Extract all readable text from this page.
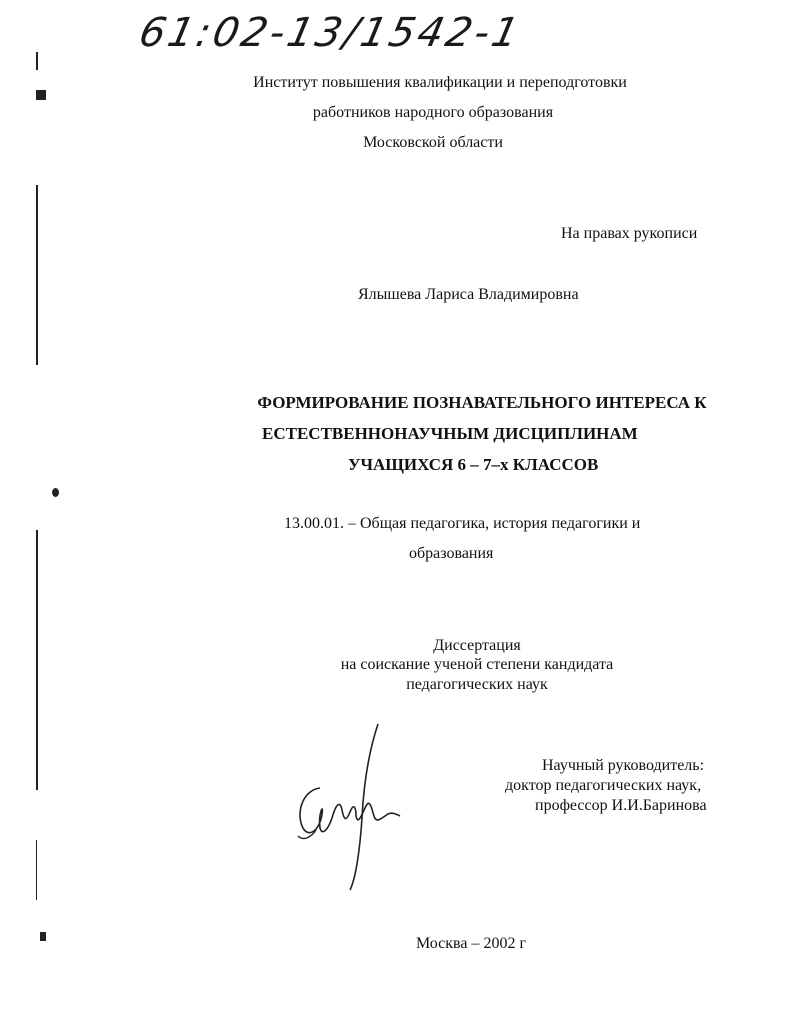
61:02-13/1542-1
Институт повышения квалификации и переподготовки
работников народного образования
Московской области
На правах рукописи
Ялышева Лариса Владимировна
ФОРМИРОВАНИЕ ПОЗНАВАТЕЛЬНОГО ИНТЕРЕСА К
ЕСТЕСТВЕННОНАУЧНЫМ ДИСЦИПЛИНАМ
УЧАЩИХСЯ 6 – 7–х КЛАССОВ
13.00.01. – Общая педагогика, история педагогики и
образования
Диссертация
на соискание ученой степени кандидата
педагогических наук
Научный руководитель:
доктор педагогических наук,
профессор И.И.Баринова
Москва – 2002 г
